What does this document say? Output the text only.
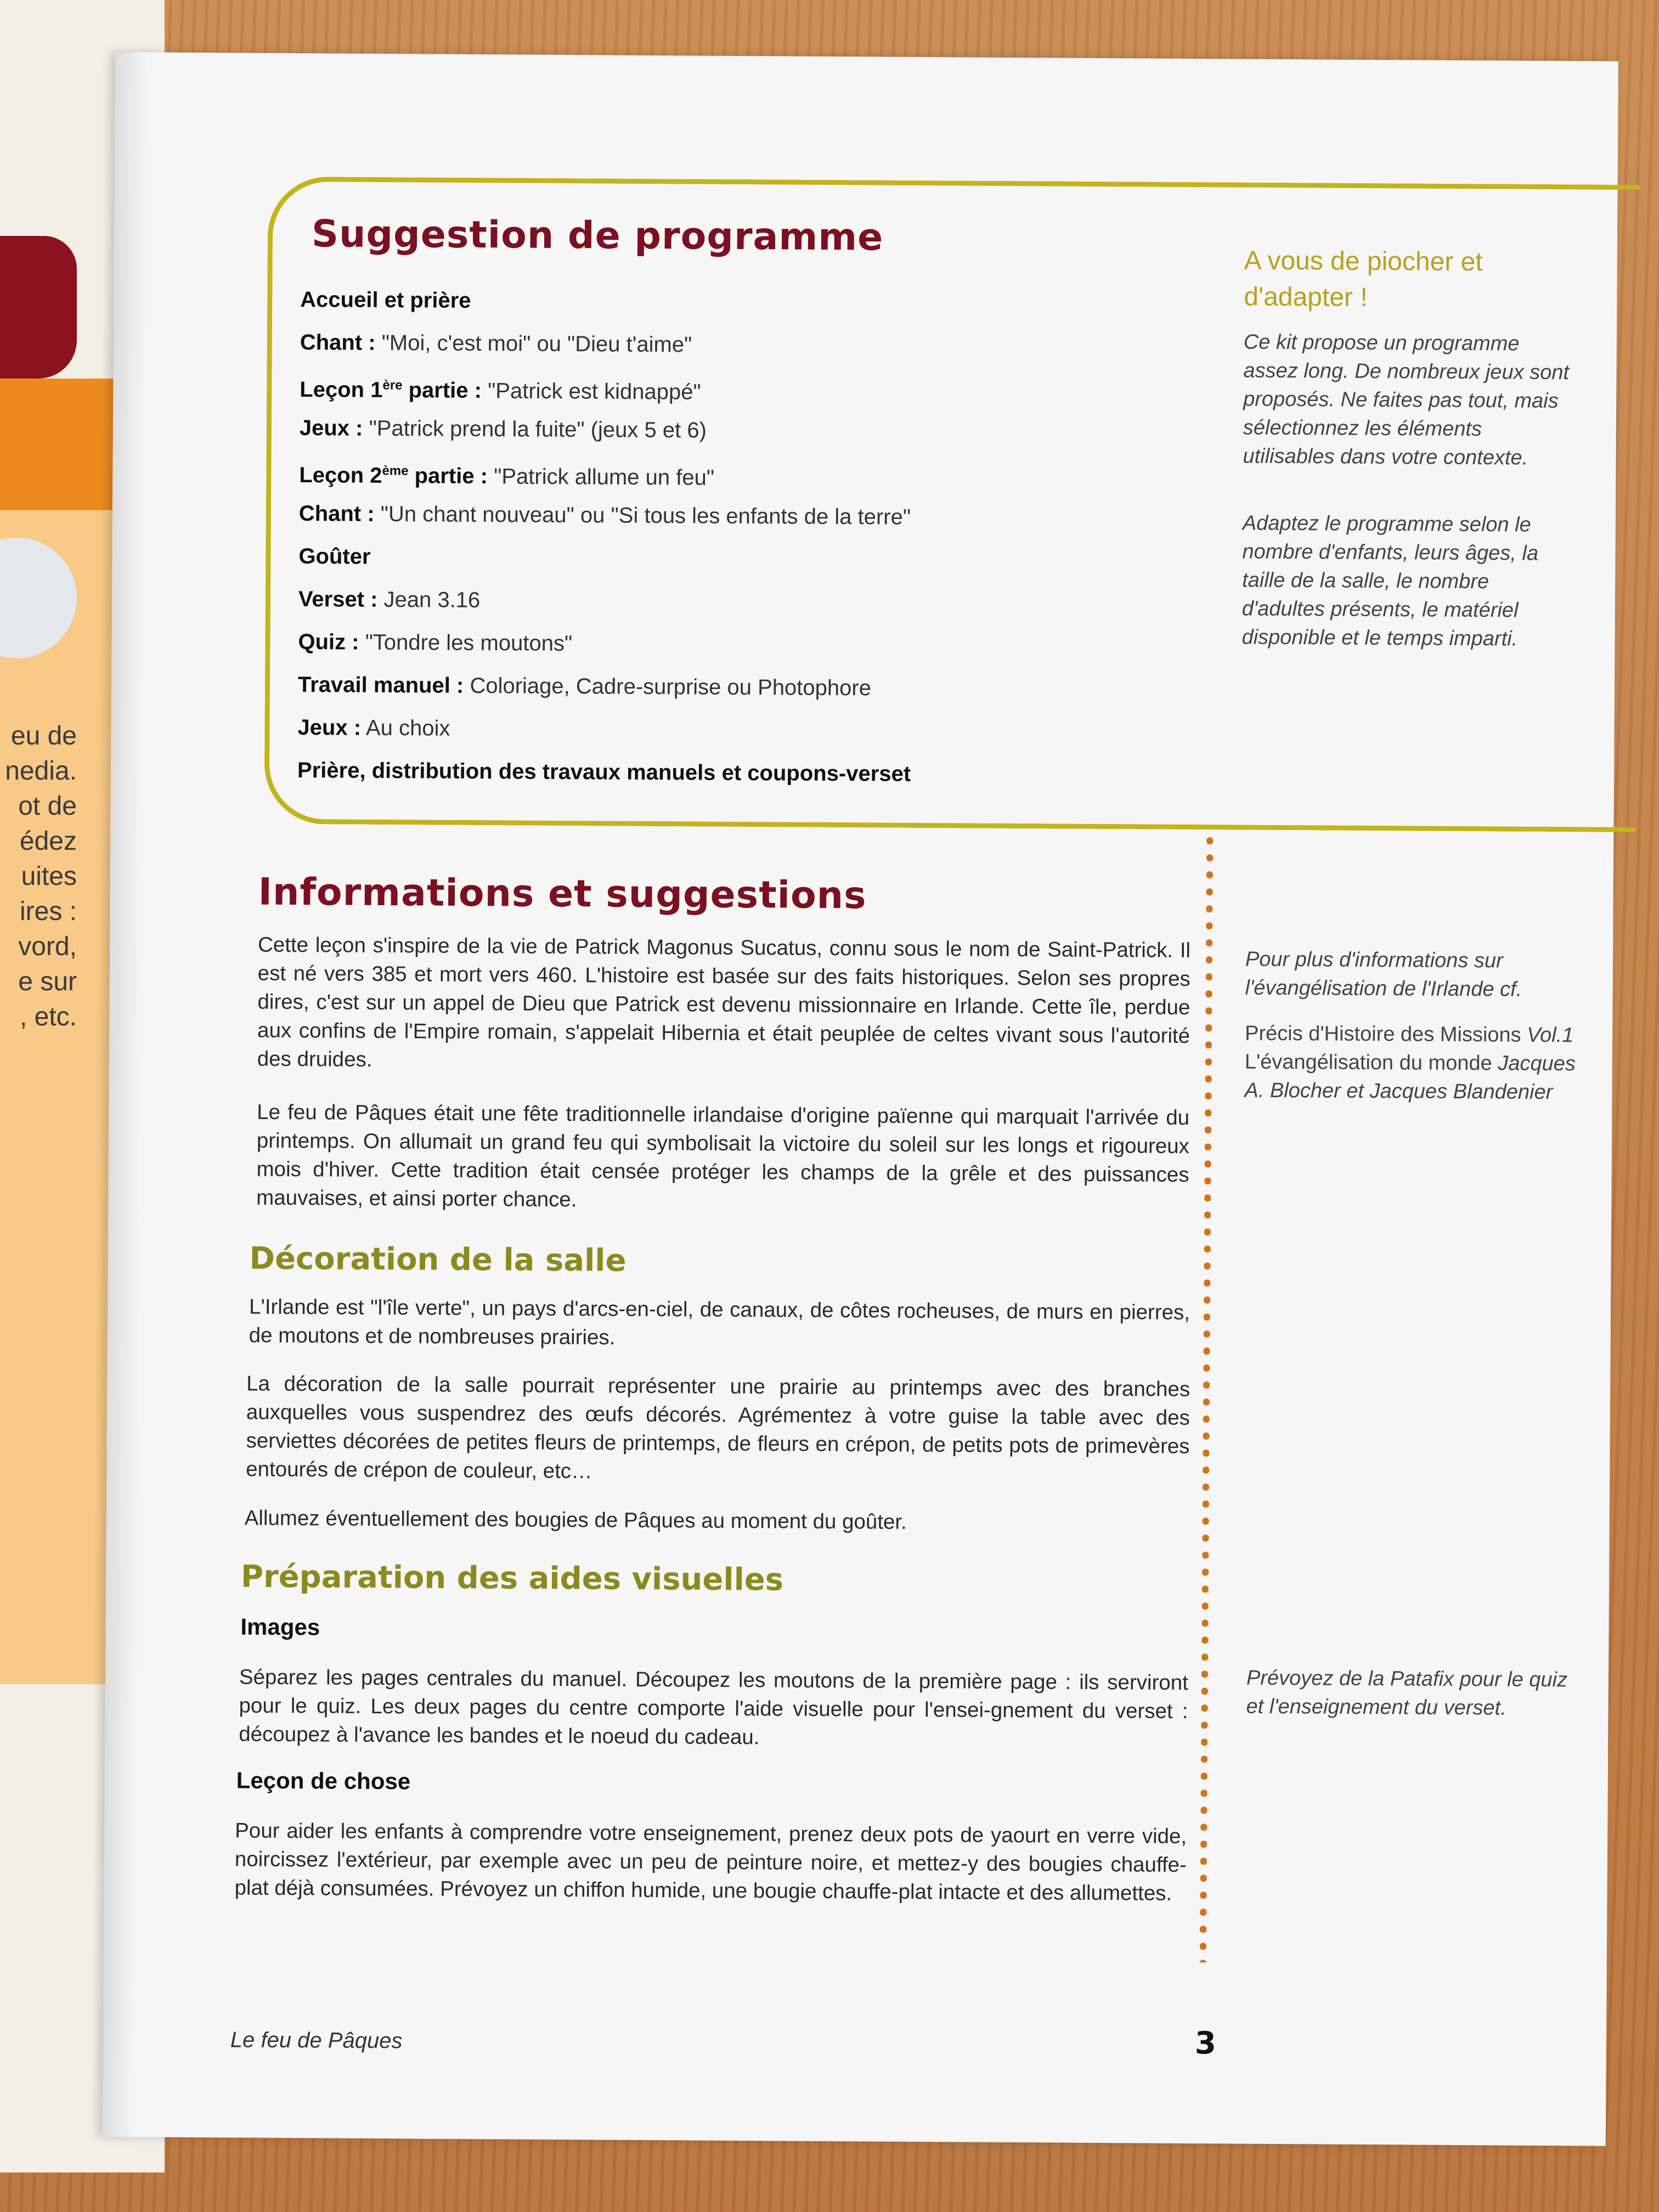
eu de
nedia.
ot de
édez
uites
ires :
vord,
e sur
, etc.
Suggestion de programme
Accueil et prière
Chant : "Moi, c'est moi" ou "Dieu t'aime"
Leçon 1ère partie : "Patrick est kidnappé"
Jeux : "Patrick prend la fuite" (jeux 5 et 6)
Leçon 2ème partie : "Patrick allume un feu"
Chant : "Un chant nouveau" ou "Si tous les enfants de la terre"
Goûter
Verset : Jean 3.16
Quiz : "Tondre les moutons"
Travail manuel : Coloriage, Cadre-surprise ou Photophore
Jeux : Au choix
Prière, distribution des travaux manuels et coupons-verset
A vous de piocher et d'adapter !
Ce kit propose un programme assez long. De nombreux jeux sont proposés. Ne faites pas tout, mais sélectionnez les éléments utilisables dans votre contexte.
Adaptez le programme selon le nombre d'enfants, leurs âges, la taille de la salle, le nombre d'adultes présents, le matériel disponible et le temps imparti.
Informations et suggestions
Cette leçon s'inspire de la vie de Patrick Magonus Sucatus, connu sous le nom de Saint-Patrick. Il est né vers 385 et mort vers 460. L'histoire est basée sur des faits historiques. Selon ses propres dires, c'est sur un appel de Dieu que Patrick est devenu missionnaire en Irlande. Cette île, perdue aux confins de l'Empire romain, s'appelait Hibernia et était peuplée de celtes vivant sous l'autorité des druides.
Le feu de Pâques était une fête traditionnelle irlandaise d'origine païenne qui marquait l'arrivée du printemps. On allumait un grand feu qui symbolisait la victoire du soleil sur les longs et rigoureux mois d'hiver. Cette tradition était censée protéger les champs de la grêle et des puissances mauvaises, et ainsi porter chance.
Pour plus d'informations sur l'évangélisation de l'Irlande cf.
Précis d'Histoire des Missions Vol.1 L'évangélisation du monde Jacques A. Blocher et Jacques Blandenier
Décoration de la salle
L'Irlande est "l'île verte", un pays d'arcs-en-ciel, de canaux, de côtes rocheuses, de murs en pierres, de moutons et de nombreuses prairies.
La décoration de la salle pourrait représenter une prairie au printemps avec des branches auxquelles vous suspendrez des œufs décorés. Agrémentez à votre guise la table avec des serviettes décorées de petites fleurs de printemps, de fleurs en crépon, de petits pots de primevères entourés de crépon de couleur, etc…
Allumez éventuellement des bougies de Pâques au moment du goûter.
Préparation des aides visuelles
Images
Séparez les pages centrales du manuel. Découpez les moutons de la première page : ils serviront pour le quiz. Les deux pages du centre comporte l'aide visuelle pour l'ensei-gnement du verset : découpez à l'avance les bandes et le noeud du cadeau.
Leçon de chose
Pour aider les enfants à comprendre votre enseignement, prenez deux pots de yaourt en verre vide, noircissez l'extérieur, par exemple avec un peu de peinture noire, et mettez-y des bougies chauffe-plat déjà consumées. Prévoyez un chiffon humide, une bougie chauffe-plat intacte et des allumettes.
Prévoyez de la Patafix pour le quiz et l'enseignement du verset.
Le feu de Pâques	3
